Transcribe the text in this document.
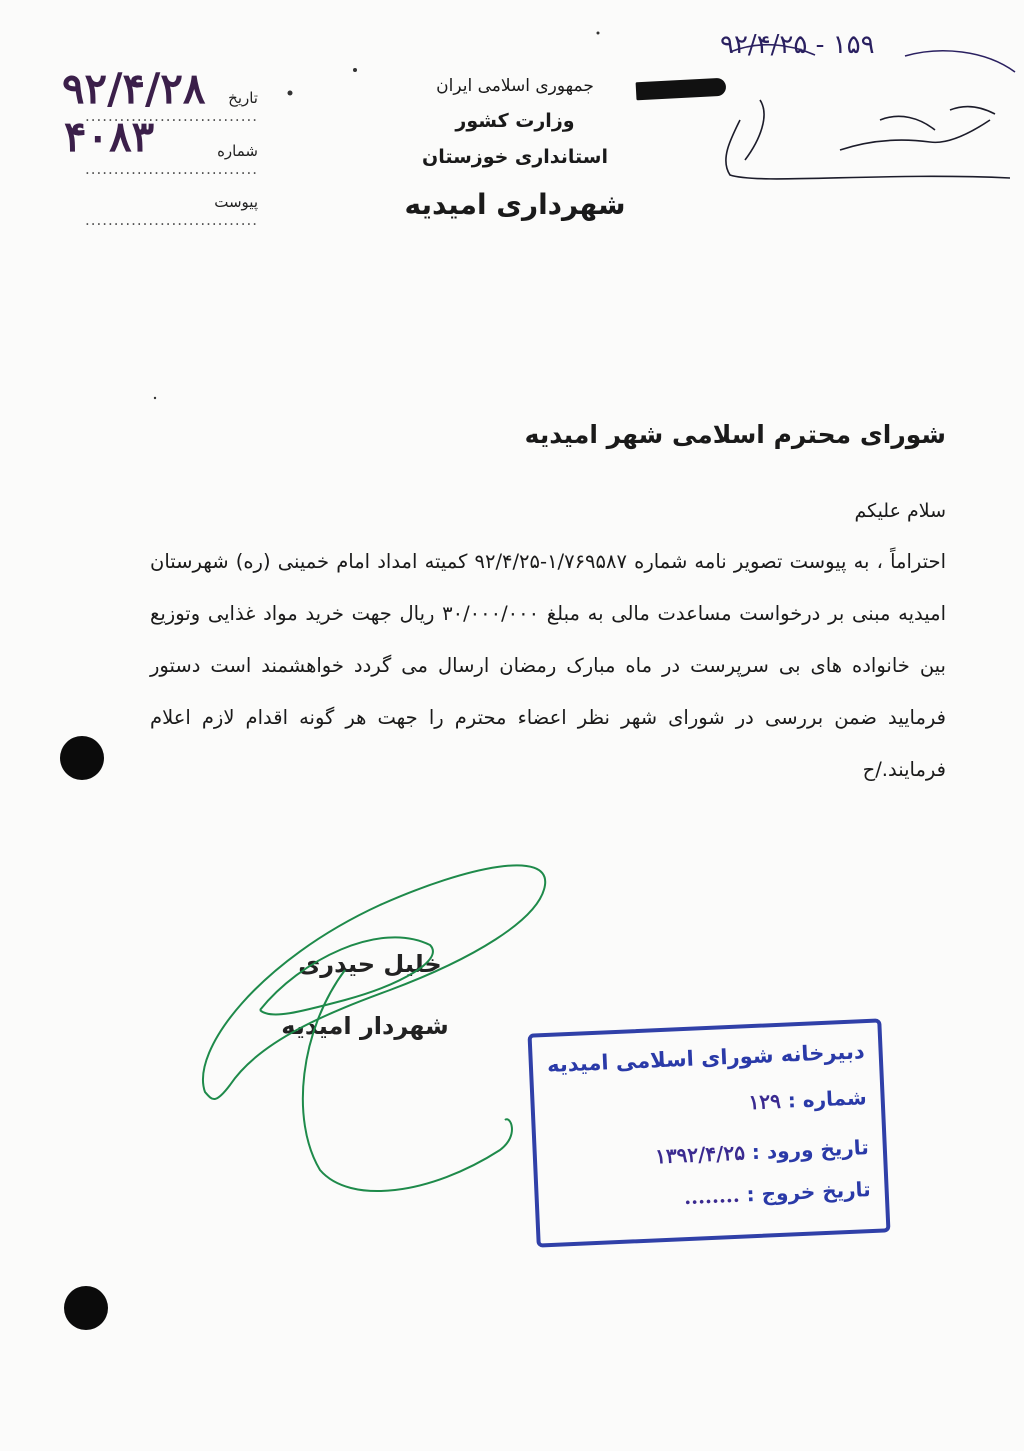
جمهوری اسلامی ایران
وزارت کشور
استانداری خوزستان
شهرداری امیدیه
تاریخ ..............................
شماره ..............................
پیوست ..............................
۹۲/۴/۲۸
۴۰۸۳
۱۵۹ - ۹۲/۴/۲۵
شورای محترم اسلامی شهر امیدیه
سلام علیکم
احتراماً ، به پیوست تصویر نامه شماره ۱/۷۶۹۵۸۷-۹۲/۴/۲۵ کمیته امداد امام خمینی (ره) شهرستان امیدیه مبنی بر درخواست مساعدت مالی به مبلغ ۳۰/۰۰۰/۰۰۰ ریال جهت خرید مواد غذایی وتوزیع بین خانواده های بی سرپرست در ماه مبارک رمضان ارسال می گردد خواهشمند است دستور فرمایید ضمن بررسی در شورای شهر نظر اعضاء محترم را جهت هر گونه اقدام لازم اعلام فرمایند./ح
خلیل حیدری
شهردار امیدیه
دبیرخانه شورای اسلامی امیدیه
شماره : ۱۲۹
تاریخ ورود : ۱۳۹۲/۴/۲۵
تاریخ خروج : ........
